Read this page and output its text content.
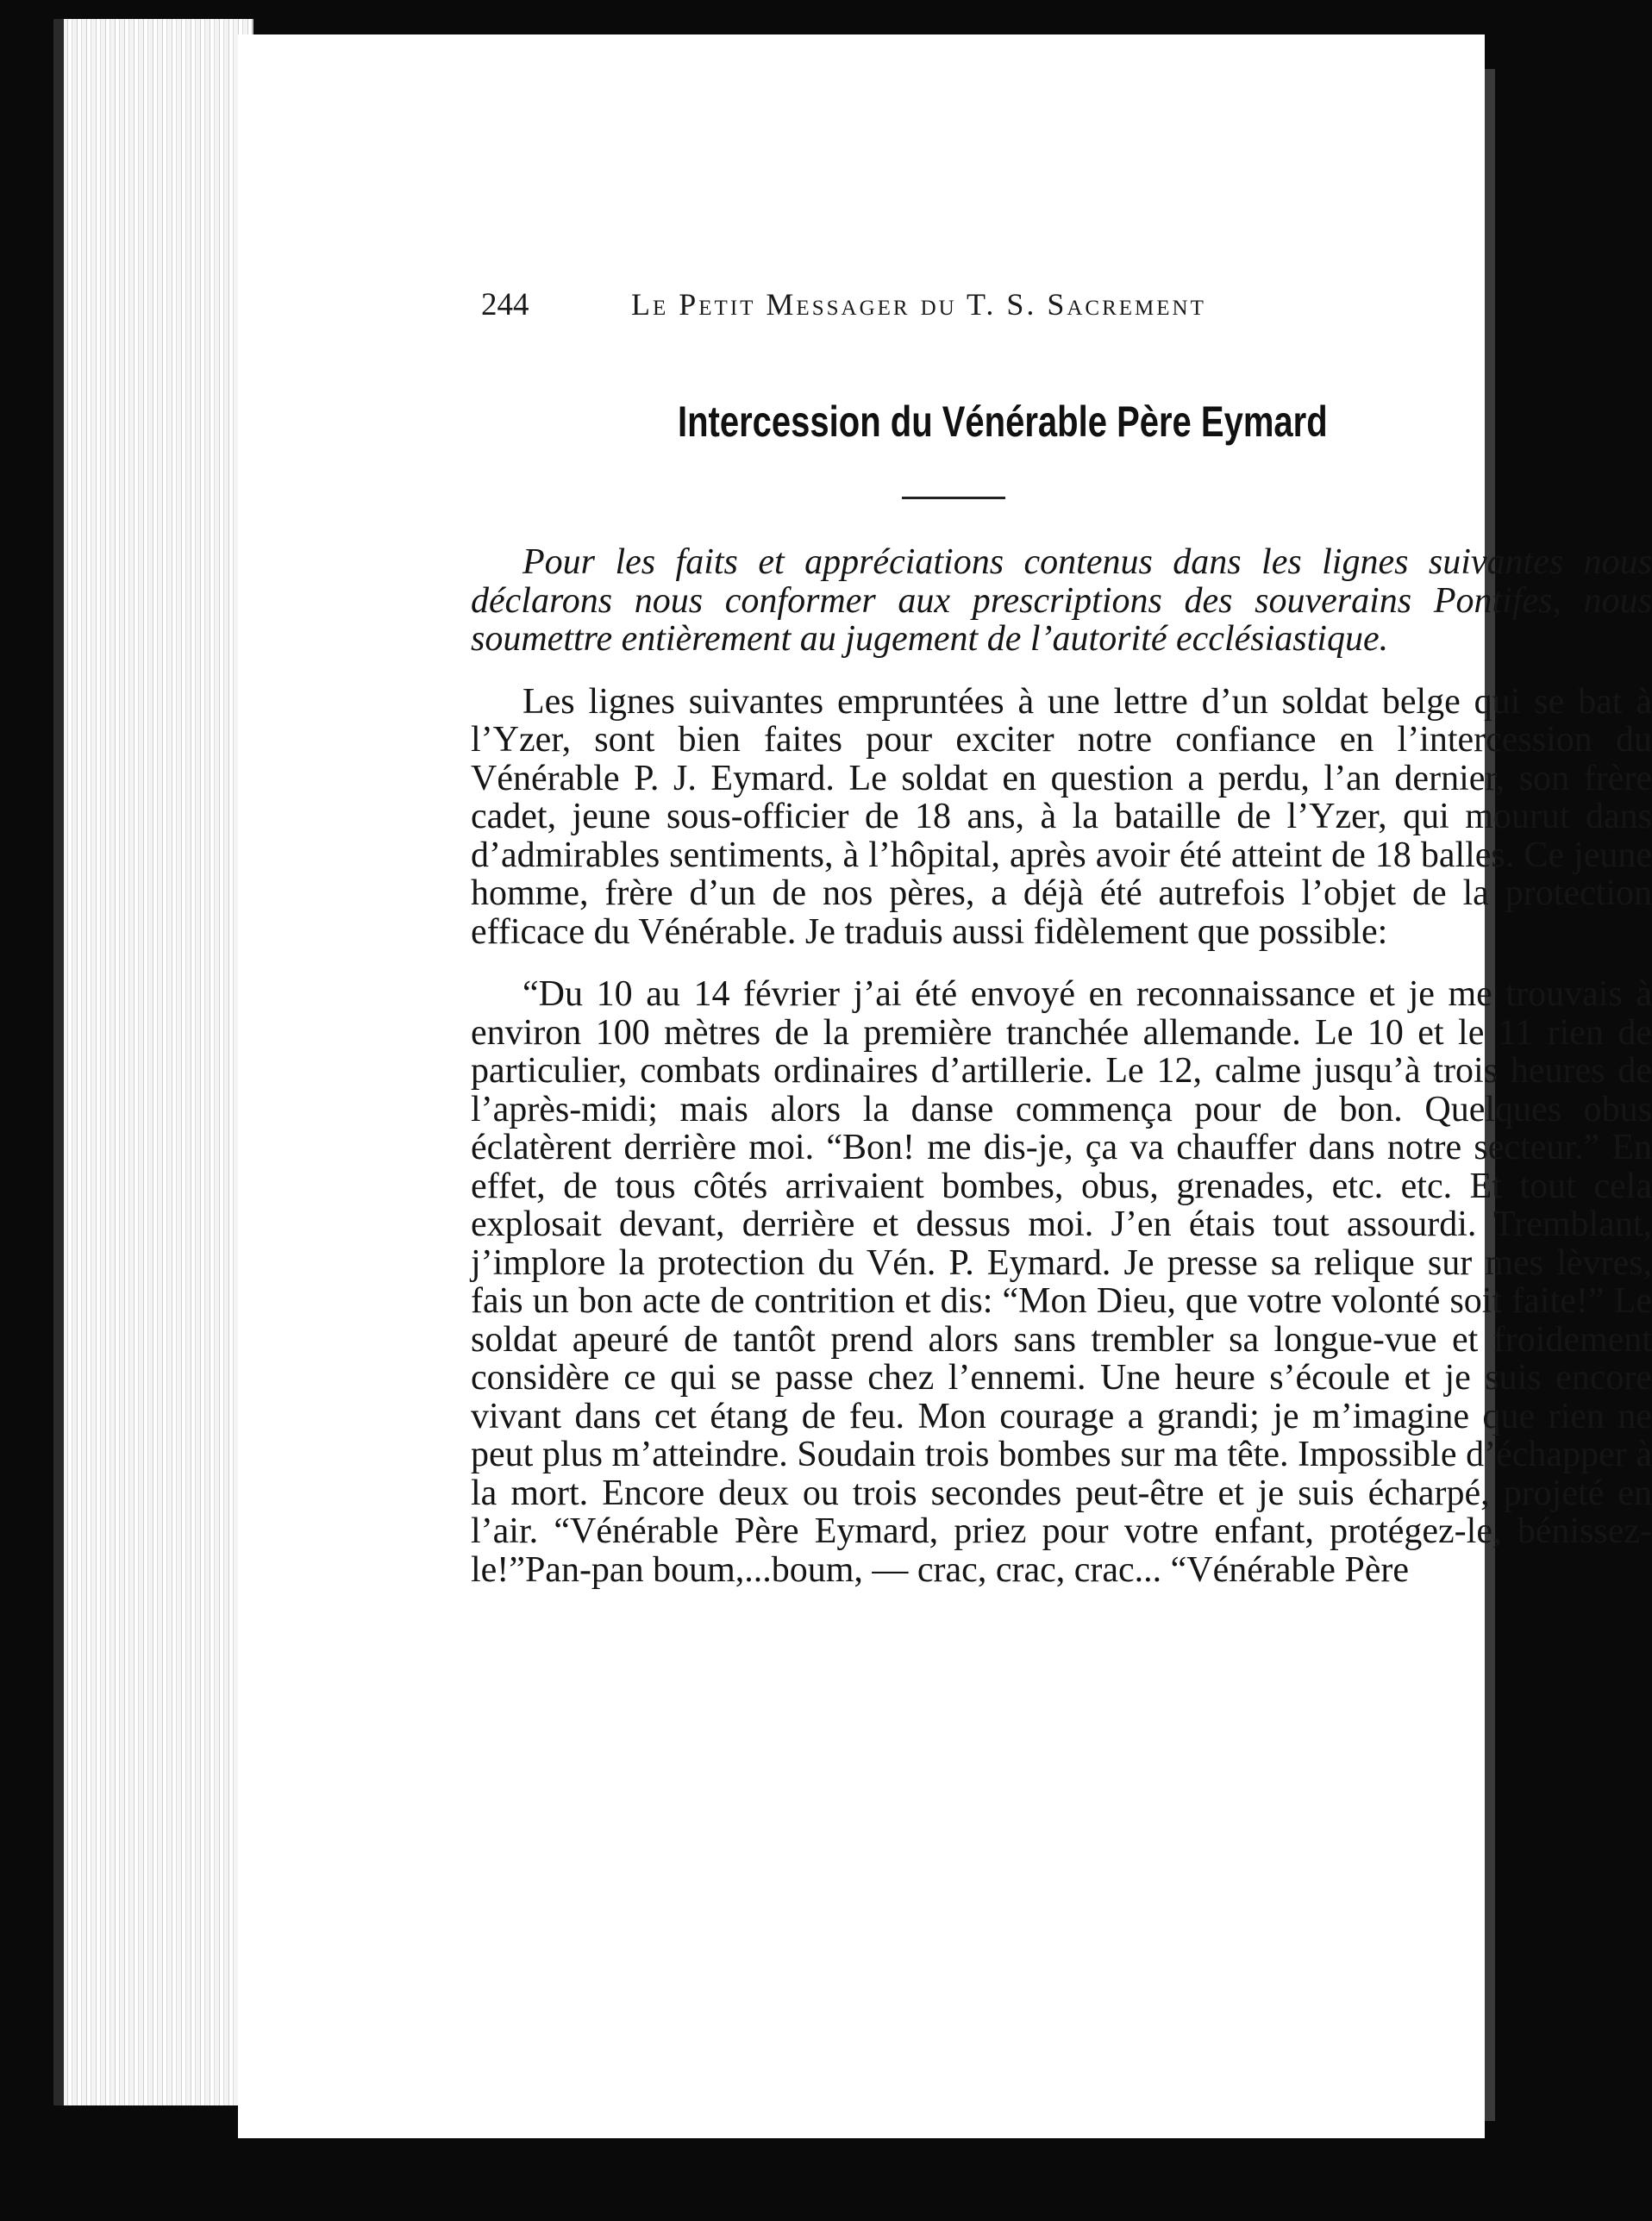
244	Le Petit Messager du T. S. Sacrement
Intercession du Vénérable Père Eymard

Pour les faits et appréciations contenus dans les lignes suivantes nous déclarons nous conformer aux prescriptions des souverains Pontifes, nous soumettre entièrement au jugement de l’autorité ecclésiastique.

Les lignes suivantes empruntées à une lettre d’un soldat belge qui se bat à l’Yzer, sont bien faites pour exciter notre confiance en l’intercession du Vénérable P. J. Eymard. Le soldat en question a perdu, l’an dernier, son frère cadet, jeune sous-officier de 18 ans, à la bataille de l’Yzer, qui mourut dans d’admirables sentiments, à l’hôpital, après avoir été atteint de 18 balles. Ce jeune homme, frère d’un de nos pères, a déjà été autrefois l’objet de la protection efficace du Vénérable. Je traduis aussi fidèlement que possible:

“Du 10 au 14 février j’ai été envoyé en reconnaissance et je me trouvais à environ 100 mètres de la première tranchée allemande. Le 10 et le 11 rien de particulier, combats ordinaires d’artillerie. Le 12, calme jusqu’à trois heures de l’après-midi; mais alors la danse commença pour de bon. Quelques obus éclatèrent derrière moi. “Bon! me dis-je, ça va chauffer dans notre secteur.” En effet, de tous côtés arrivaient bombes, obus, grenades, etc. etc. Et tout cela explosait devant, derrière et dessus moi. J’en étais tout assourdi. Tremblant, j’implore la protection du Vén. P. Eymard. Je presse sa relique sur mes lèvres, fais un bon acte de contrition et dis: “Mon Dieu, que votre volonté soit faite!” Le soldat apeuré de tantôt prend alors sans trembler sa longue-vue et froidement considère ce qui se passe chez l’ennemi. Une heure s’écoule et je suis encore vivant dans cet étang de feu. Mon courage a grandi; je m’imagine que rien ne peut plus m’atteindre. Soudain trois bombes sur ma tête. Impossible d’échapper à la mort. Encore deux ou trois secondes peut-être et je suis écharpé, projeté en l’air. “Vénérable Père Eymard, priez pour votre enfant, protégez-le, bénissez-le!”Pan-pan boum,...boum, — crac, crac, crac... “Vénérable Père
